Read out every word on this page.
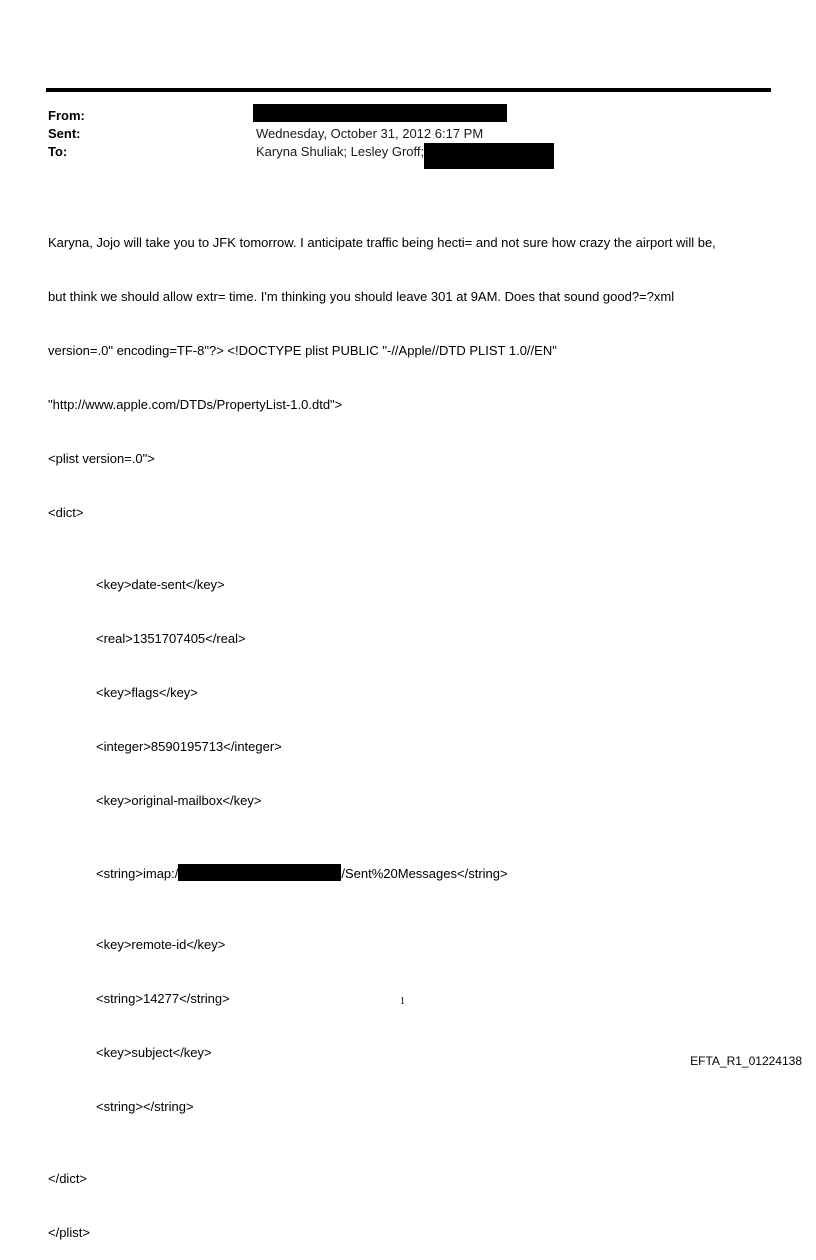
From:
Sent:	Wednesday, October 31, 2012 6:17 PM
To:	Karyna Shuliak; Lesley Groff;

Karyna, Jojo will take you to JFK tomorrow. I anticipate traffic being hecti= and not sure how crazy the airport will be,

but think we should allow extr= time. I'm thinking you should leave 301 at 9AM. Does that sound good?=?xml

version=.0" encoding=TF-8"?> <!DOCTYPE plist PUBLIC "-//Apple//DTD PLIST 1.0//EN"

"http://www.apple.com/DTDs/PropertyList-1.0.dtd">

<plist version=.0">

<dict>

<key>date-sent</key>

<real>1351707405</real>

<key>flags</key>

<integer>8590195713</integer>

<key>original-mailbox</key>

<string>imap:/	/Sent%20Messages</string>

<key>remote-id</key>

<string>14277</string>

<key>subject</key>

<string></string>

</dict>

</plist>

1
EFTA_R1_01224138
